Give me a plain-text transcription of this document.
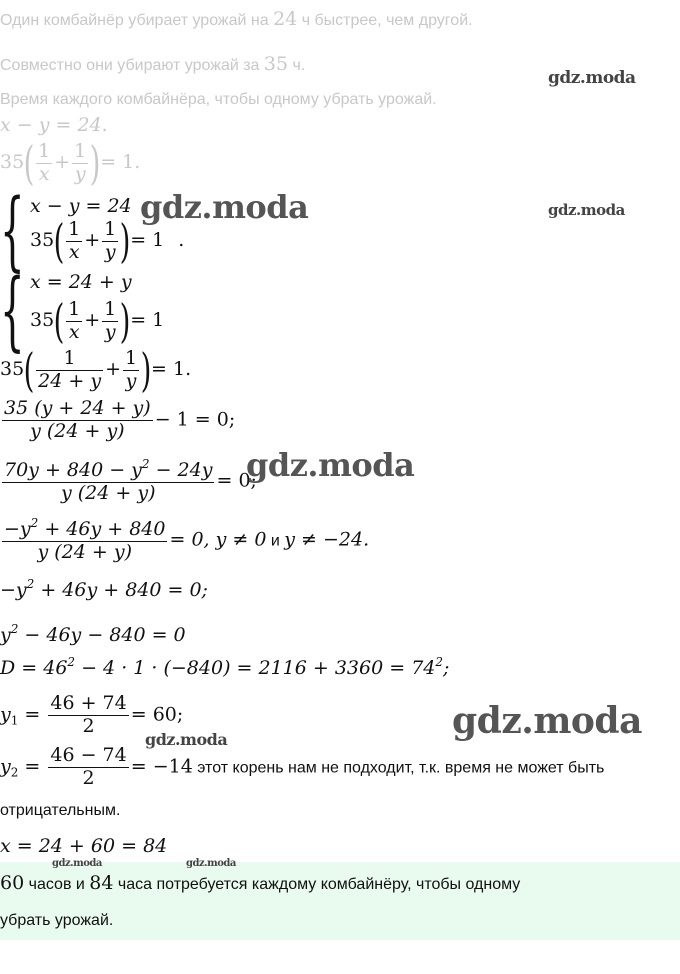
Один комбайнёр убирает урожай на 24 ч быстрее, чем другой.
Совместно они убирают урожай за 35 ч.
Время каждого комбайнёра, чтобы одному убрать урожай.
x − y = 24.
$35( \frac{1}{x} + \frac{1}{y}$ )= 1.
{ x − y = 24
$35( \frac{1}{x} + \frac{1}{y}$ )= 1 .
{ x = 24 + y
$35( \frac{1}{x} + \frac{1}{y}$ )= 1
$35( \frac{1}{24 + y} + \frac{1}{y}$ )= 1.
$\frac{35 (y + 24 + y)}{y (24 + y)} - 1 = 0$;
$\frac{70y + 840 - y^2 - 24y}{y (24 + y)} = 0$;
$\frac{-y^2 + 46y + 840}{y (24 + y)} = 0$, y ≠ 0 и y ≠ −24.
$-y^2 + 46y + 840 = 0$;
$y^2 - 46y - 840 = 0$
$D = 46^2 - 4 \cdot 1 \cdot (-840) = 2116 + 3360 = 74^2$;
$y_1 = \frac{46 + 74}{2} = 60$;
$y_2 = \frac{46 - 74}{2} = -14$ этот корень нам не подходит, т.к. время не может быть
отрицательным.
x = 24 + 60 = 84
60 часов и 84 часа потребуется каждому комбайнёру, чтобы одному
убрать урожай.
gdz.moda
gdz.moda	gdz.moda
gdz.moda
gdz.moda
gdz.moda
gdz.moda	gdz.moda
